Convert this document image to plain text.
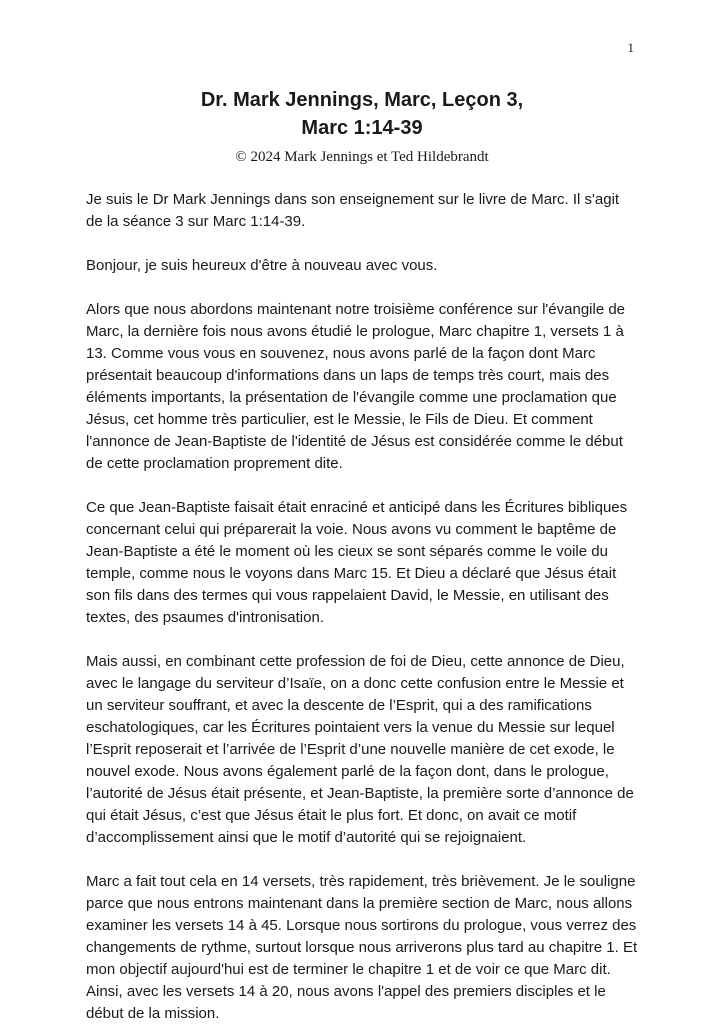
1
Dr. Mark Jennings, Marc, Leçon 3,
Marc 1:14-39
© 2024 Mark Jennings et Ted Hildebrandt

Je suis le Dr Mark Jennings dans son enseignement sur le livre de Marc. Il s'agit de la séance 3 sur Marc 1:14-39.

Bonjour, je suis heureux d'être à nouveau avec vous.

Alors que nous abordons maintenant notre troisième conférence sur l'évangile de Marc, la dernière fois nous avons étudié le prologue, Marc chapitre 1, versets 1 à 13. Comme vous vous en souvenez, nous avons parlé de la façon dont Marc présentait beaucoup d'informations dans un laps de temps très court, mais des éléments importants, la présentation de l'évangile comme une proclamation que Jésus, cet homme très particulier, est le Messie, le Fils de Dieu. Et comment l'annonce de Jean-Baptiste de l'identité de Jésus est considérée comme le début de cette proclamation proprement dite.

Ce que Jean-Baptiste faisait était enraciné et anticipé dans les Écritures bibliques concernant celui qui préparerait la voie. Nous avons vu comment le baptême de Jean-Baptiste a été le moment où les cieux se sont séparés comme le voile du temple, comme nous le voyons dans Marc 15. Et Dieu a déclaré que Jésus était son fils dans des termes qui vous rappelaient David, le Messie, en utilisant des textes, des psaumes d'intronisation.

Mais aussi, en combinant cette profession de foi de Dieu, cette annonce de Dieu, avec le langage du serviteur d’Isaïe, on a donc cette confusion entre le Messie et un serviteur souffrant, et avec la descente de l’Esprit, qui a des ramifications eschatologiques, car les Écritures pointaient vers la venue du Messie sur lequel l’Esprit reposerait et l’arrivée de l’Esprit d’une nouvelle manière de cet exode, le nouvel exode. Nous avons également parlé de la façon dont, dans le prologue, l’autorité de Jésus était présente, et Jean-Baptiste, la première sorte d’annonce de qui était Jésus, c’est que Jésus était le plus fort. Et donc, on avait ce motif d’accomplissement ainsi que le motif d’autorité qui se rejoignaient.

Marc a fait tout cela en 14 versets, très rapidement, très brièvement. Je le souligne parce que nous entrons maintenant dans la première section de Marc, nous allons examiner les versets 14 à 45. Lorsque nous sortirons du prologue, vous verrez des changements de rythme, surtout lorsque nous arriverons plus tard au chapitre 1. Et mon objectif aujourd'hui est de terminer le chapitre 1 et de voir ce que Marc dit. Ainsi, avec les versets 14 à 20, nous avons l'appel des premiers disciples et le début de la mission.
